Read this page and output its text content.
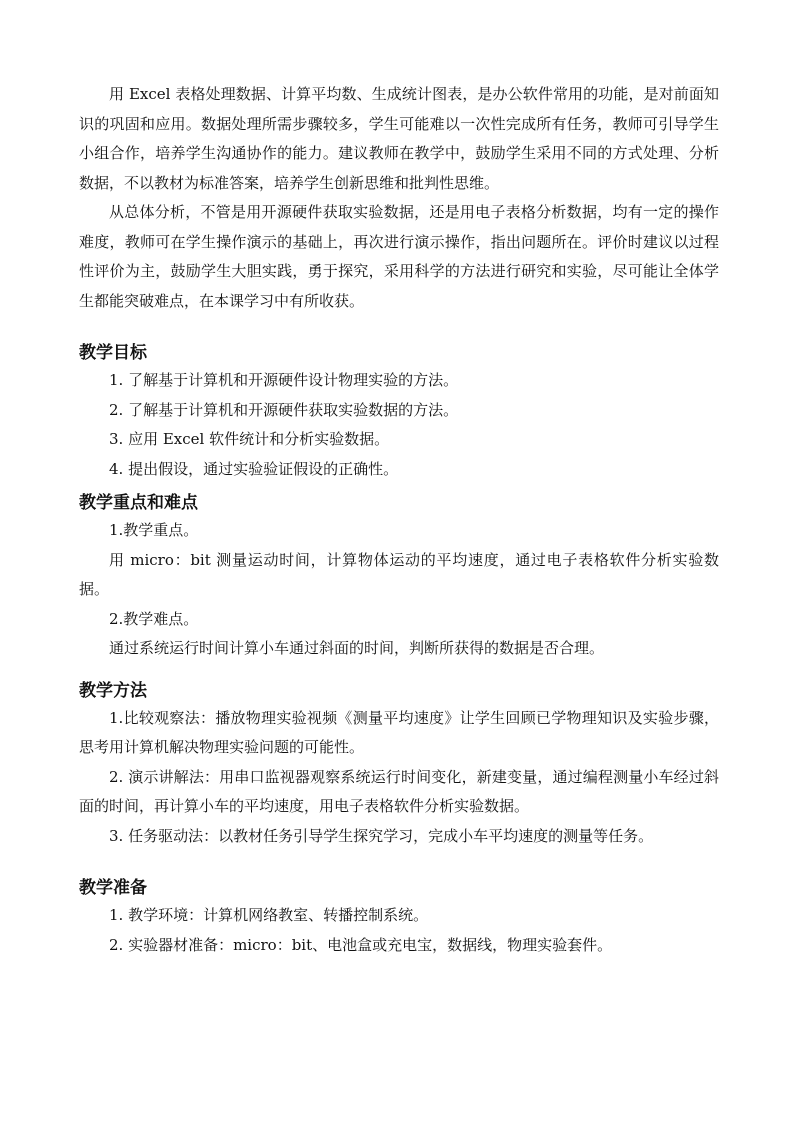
用 Excel 表格处理数据、计算平均数、生成统计图表，是办公软件常用的功能，是对前面知识的巩固和应用。数据处理所需步骤较多，学生可能难以一次性完成所有任务，教师可引导学生小组合作，培养学生沟通协作的能力。建议教师在教学中，鼓励学生采用不同的方式处理、分析数据，不以教材为标准答案，培养学生创新思维和批判性思维。

从总体分析，不管是用开源硬件获取实验数据，还是用电子表格分析数据，均有一定的操作难度，教师可在学生操作演示的基础上，再次进行演示操作，指出问题所在。评价时建议以过程性评价为主，鼓励学生大胆实践，勇于探究，采用科学的方法进行研究和实验，尽可能让全体学生都能突破难点，在本课学习中有所收获。

教学目标
1. 了解基于计算机和开源硬件设计物理实验的方法。
2. 了解基于计算机和开源硬件获取实验数据的方法。
3. 应用 Excel 软件统计和分析实验数据。
4. 提出假设，通过实验验证假设的正确性。
教学重点和难点
1.教学重点。

用 micro：bit 测量运动时间，计算物体运动的平均速度，通过电子表格软件分析实验数据。

2.教学难点。

通过系统运行时间计算小车通过斜面的时间，判断所获得的数据是否合理。

教学方法

1.比较观察法：播放物理实验视频《测量平均速度》让学生回顾已学物理知识及实验步骤，思考用计算机解决物理实验问题的可能性。

2. 演示讲解法：用串口监视器观察系统运行时间变化，新建变量，通过编程测量小车经过斜面的时间，再计算小车的平均速度，用电子表格软件分析实验数据。

3. 任务驱动法：以教材任务引导学生探究学习，完成小车平均速度的测量等任务。

教学准备
1. 教学环境：计算机网络教室、转播控制系统。
2. 实验器材准备：micro：bit、电池盒或充电宝，数据线，物理实验套件。
